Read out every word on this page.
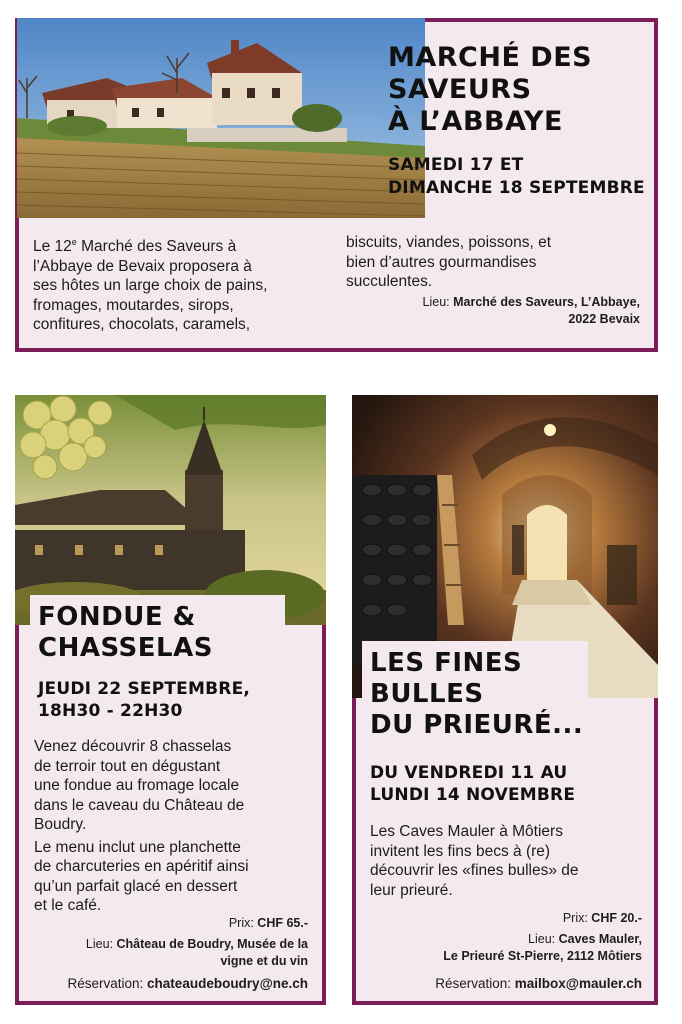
MARCHÉ DES
SAVEURS
À L’ABBAYE
SAMEDI 17 ET
DIMANCHE 18 SEPTEMBRE
Le 12e Marché des Saveurs à
l’Abbaye de Bevaix proposera à
ses hôtes un large choix de pains,
fromages, moutardes, sirops,
confitures, chocolats, caramels,
biscuits, viandes, poissons, et
bien d’autres gourmandises
succulentes.
Lieu: Marché des Saveurs, L’Abbaye,
2022 Bevaix
FONDUE &
CHASSELAS
JEUDI 22 SEPTEMBRE,
18H30 - 22H30
Venez découvrir 8 chasselas
de terroir tout en dégustant
une fondue au fromage locale
dans le caveau du Château de
Boudry.
Le menu inclut une planchette
de charcuteries en apéritif ainsi
qu’un parfait glacé en dessert
et le café.
Prix: CHF 65.-
Lieu: Château de Boudry, Musée de la
vigne et du vin
Réservation: chateaudeboudry@ne.ch
LES FINES
BULLES
DU PRIEURÉ...
DU VENDREDI 11 AU
LUNDI 14 NOVEMBRE
Les Caves Mauler à Môtiers
invitent les fins becs à (re)
découvrir les «fines bulles» de
leur prieuré.
Prix: CHF 20.-
Lieu: Caves Mauler,
Le Prieuré St-Pierre, 2112 Môtiers
Réservation: mailbox@mauler.ch
